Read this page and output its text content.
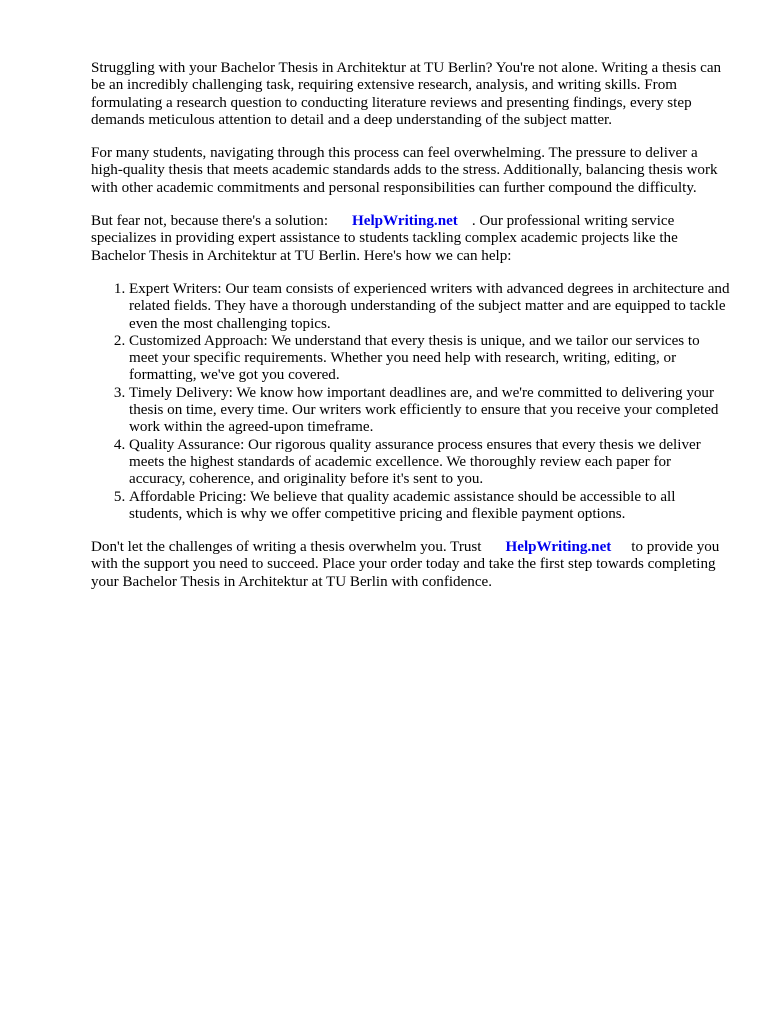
Struggling with your Bachelor Thesis in Architektur at TU Berlin? You're not alone. Writing a thesis can be an incredibly challenging task, requiring extensive research, analysis, and writing skills. From formulating a research question to conducting literature reviews and presenting findings, every step demands meticulous attention to detail and a deep understanding of the subject matter.

For many students, navigating through this process can feel overwhelming. The pressure to deliver a high-quality thesis that meets academic standards adds to the stress. Additionally, balancing thesis work with other academic commitments and personal responsibilities can further compound the difficulty.

But fear not, because there's a solution: HelpWriting.net . Our professional writing service specializes in providing expert assistance to students tackling complex academic projects like the Bachelor Thesis in Architektur at TU Berlin. Here's how we can help:

1. Expert Writers: Our team consists of experienced writers with advanced degrees in architecture and related fields. They have a thorough understanding of the subject matter and are equipped to tackle even the most challenging topics.
2. Customized Approach: We understand that every thesis is unique, and we tailor our services to meet your specific requirements. Whether you need help with research, writing, editing, or formatting, we've got you covered.
3. Timely Delivery: We know how important deadlines are, and we're committed to delivering your thesis on time, every time. Our writers work efficiently to ensure that you receive your completed work within the agreed-upon timeframe.
4. Quality Assurance: Our rigorous quality assurance process ensures that every thesis we deliver meets the highest standards of academic excellence. We thoroughly review each paper for accuracy, coherence, and originality before it's sent to you.
5. Affordable Pricing: We believe that quality academic assistance should be accessible to all students, which is why we offer competitive pricing and flexible payment options.

Don't let the challenges of writing a thesis overwhelm you. Trust HelpWriting.net to provide you with the support you need to succeed. Place your order today and take the first step towards completing your Bachelor Thesis in Architektur at TU Berlin with confidence.
